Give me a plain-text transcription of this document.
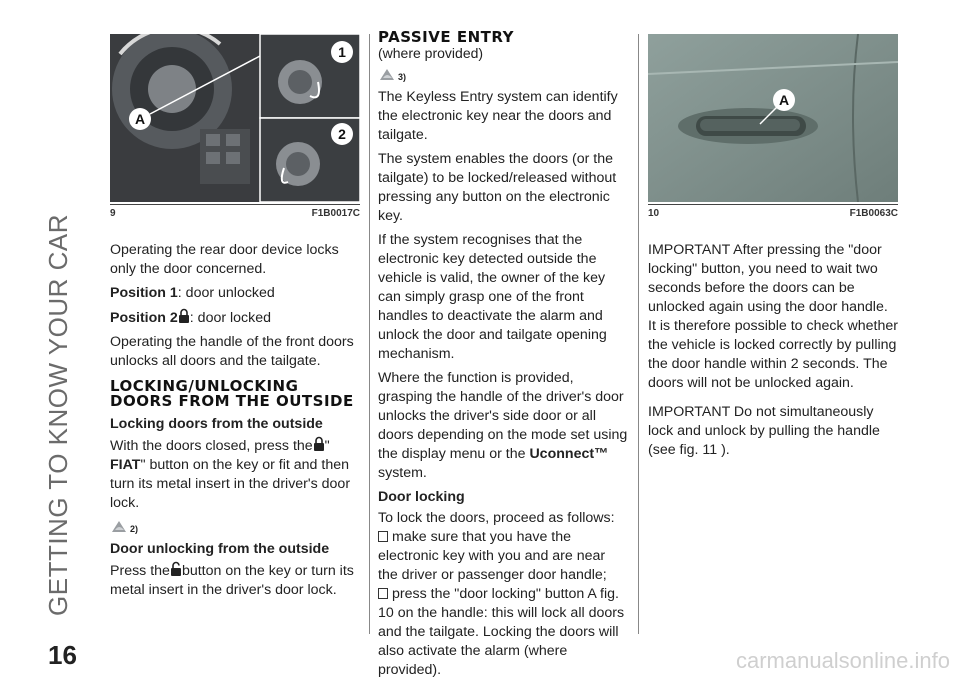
GETTING TO KNOW YOUR CAR
1
2
A
9	F1B0017C

Operating the rear door device locks only the door concerned.

Position 1: door unlocked

Position 2 : door locked

Operating the handle of the front doors unlocks all doors and the tailgate.

LOCKING/UNLOCKING DOORS FROM THE OUTSIDE
Locking doors from the outside

With the doors closed, press the " FIAT" button on the key or fit and then turn its metal insert in the driver's door lock.

2)
Door unlocking from the outside

Press the button on the key or turn its metal insert in the driver's door lock.

PASSIVE ENTRY

(where provided)

3)

The Keyless Entry system can identify the electronic key near the doors and tailgate.

The system enables the doors (or the tailgate) to be locked/released without pressing any button on the electronic key.

If the system recognises that the electronic key detected outside the vehicle is valid, the owner of the key can simply grasp one of the front handles to deactivate the alarm and unlock the door and tailgate opening mechanism.

Where the function is provided, grasping the handle of the driver's door unlocks the driver's side door or all doors depending on the mode set using the display menu or the Uconnect™ system.

Door locking

To lock the doors, proceed as follows:

make sure that you have the electronic key with you and are near the driver or passenger door handle;

press the "door locking" button A fig. 10 on the handle: this will lock all doors and the tailgate. Locking the doors will also activate the alarm (where provided).

A
10	F1B0063C

IMPORTANT After pressing the "door locking" button, you need to wait two seconds before the doors can be unlocked again using the door handle. It is therefore possible to check whether the vehicle is locked correctly by pulling the door handle within 2 seconds. The doors will not be unlocked again.

IMPORTANT Do not simultaneously lock and unlock by pulling the handle (see fig. 11 ).

16	carmanualsonline.info
